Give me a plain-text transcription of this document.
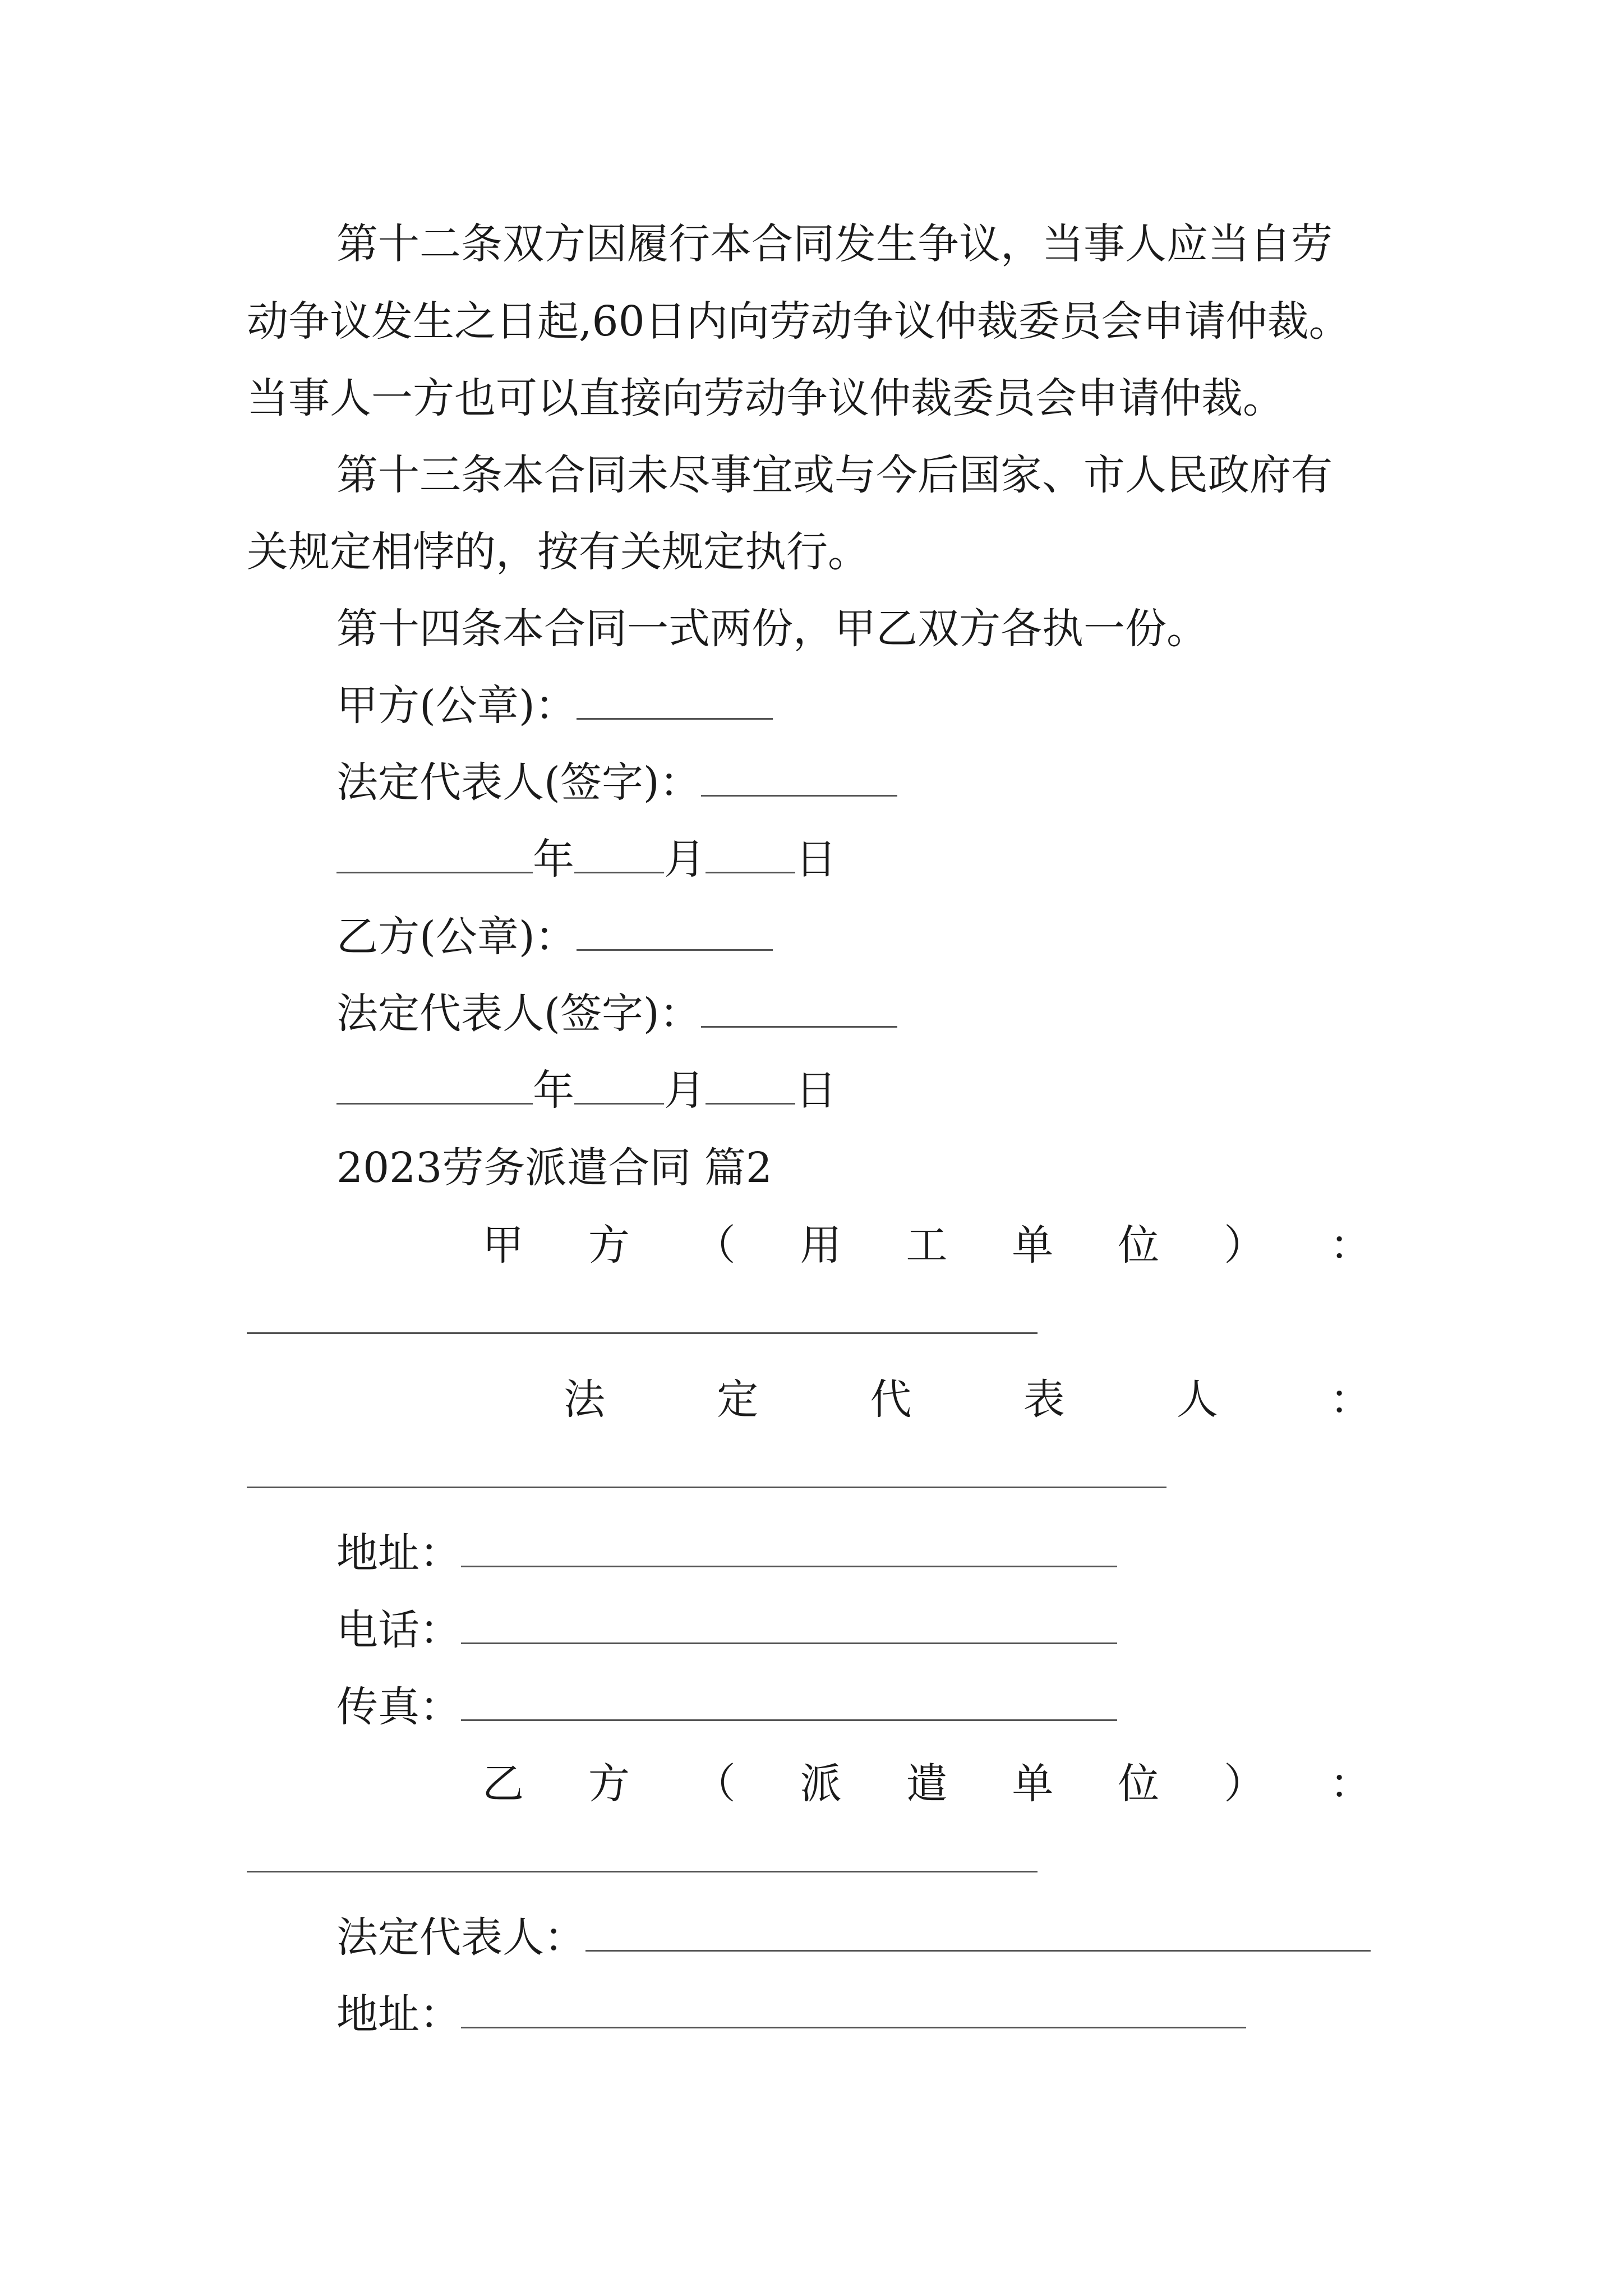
第十二条双方因履行本合同发生争议，当事人应当自劳
动争议发生之日起,60日内向劳动争议仲裁委员会申请仲裁。
当事人一方也可以直接向劳动争议仲裁委员会申请仲裁。
第十三条本合同未尽事宜或与今后国家、市人民政府有
关规定相悖的，按有关规定执行。
第十四条本合同一式两份，甲乙双方各执一份。
甲方(公章)：
法定代表人(签字)：
年 月 日
乙方(公章)：
法定代表人(签字)：
年 月 日
2023劳务派遣合同 篇2
甲 方 （ 用 工 单 位 ） ：
法	定	代	表	人	：
地址：
电话：
传真：
乙 方 （ 派 遣 单 位 ） ：
法定代表人：
地址：
